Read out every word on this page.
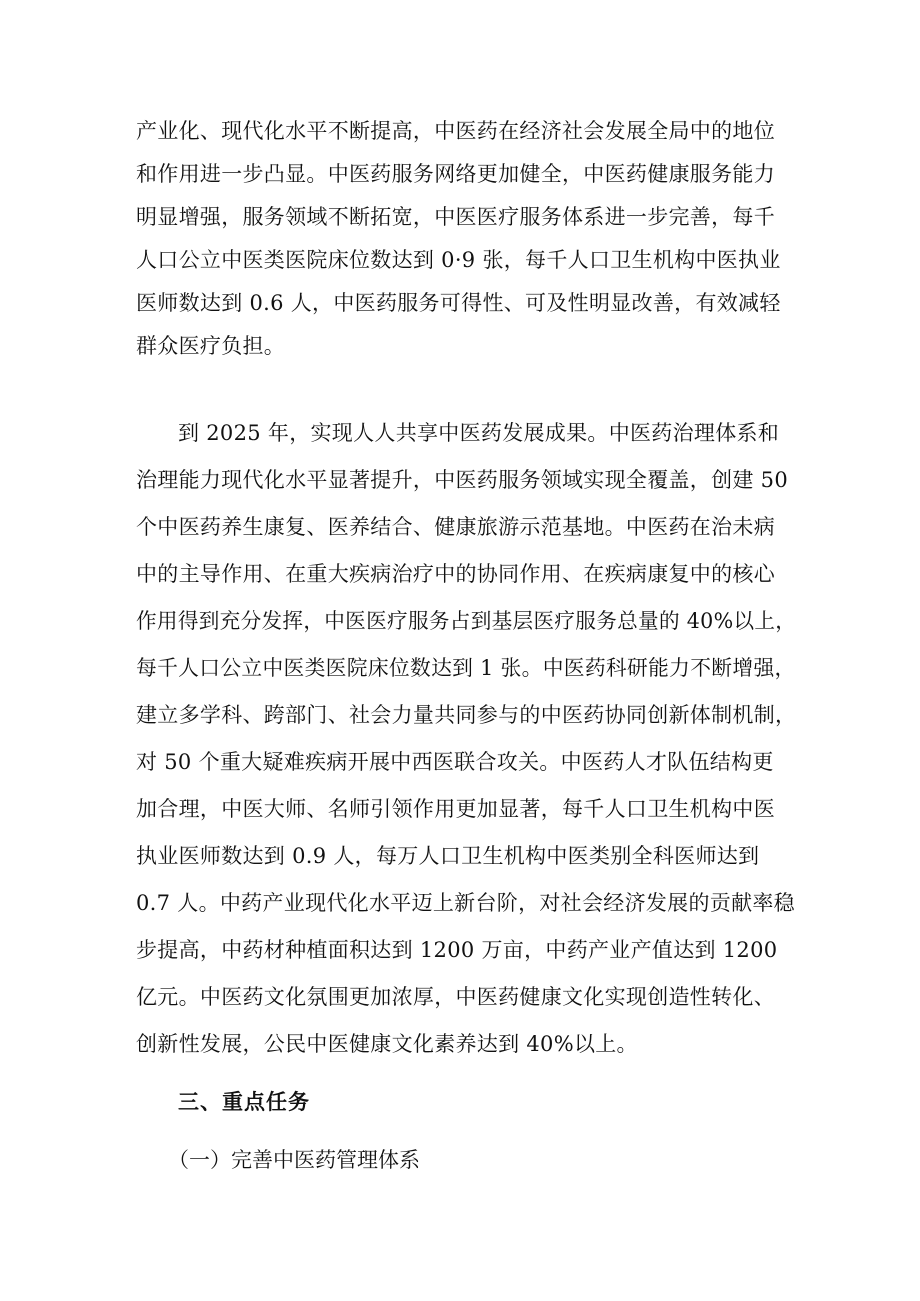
产业化、现代化水平不断提高，中医药在经济社会发展全局中的地位
和作用进一步凸显。中医药服务网络更加健全，中医药健康服务能力
明显增强，服务领域不断拓宽，中医医疗服务体系进一步完善，每千
人口公立中医类医院床位数达到 0·9 张，每千人口卫生机构中医执业
医师数达到 0.6 人，中医药服务可得性、可及性明显改善，有效减轻
群众医疗负担。
到 2025 年，实现人人共享中医药发展成果。中医药治理体系和
治理能力现代化水平显著提升，中医药服务领域实现全覆盖，创建 50
个中医药养生康复、医养结合、健康旅游示范基地。中医药在治未病
中的主导作用、在重大疾病治疗中的协同作用、在疾病康复中的核心
作用得到充分发挥，中医医疗服务占到基层医疗服务总量的 40%以上，
每千人口公立中医类医院床位数达到 1 张。中医药科研能力不断增强，
建立多学科、跨部门、社会力量共同参与的中医药协同创新体制机制，
对 50 个重大疑难疾病开展中西医联合攻关。中医药人才队伍结构更
加合理，中医大师、名师引领作用更加显著，每千人口卫生机构中医
执业医师数达到 0.9 人，每万人口卫生机构中医类别全科医师达到
0.7 人。中药产业现代化水平迈上新台阶，对社会经济发展的贡献率稳
步提高，中药材种植面积达到 1200 万亩，中药产业产值达到 1200
亿元。中医药文化氛围更加浓厚，中医药健康文化实现创造性转化、
创新性发展，公民中医健康文化素养达到 40%以上。
三、重点任务
（一）完善中医药管理体系
